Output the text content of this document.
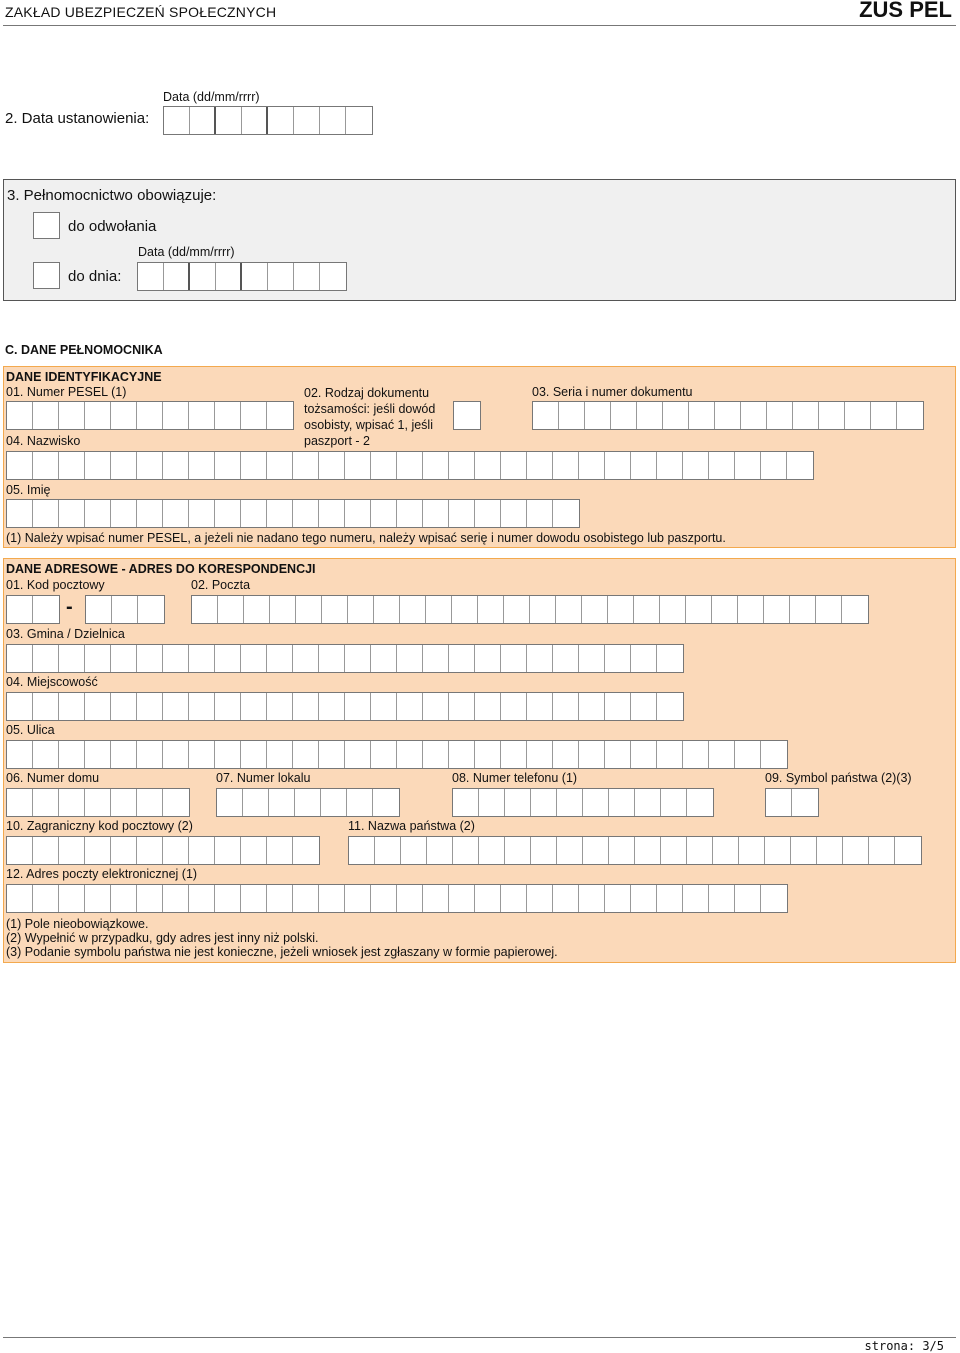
ZAKŁAD UBEZPIECZEŃ SPOŁECZNYCH	ZUS PEL
Data (dd/mm/rrrr)
2. Data ustanowienia:
3. Pełnomocnictwo obowiązuje:
do odwołania
Data (dd/mm/rrrr)
do dnia:
C. DANE PEŁNOMOCNIKA
DANE IDENTYFIKACYJNE
01. Numer PESEL (1)	02. Rodzaj dokumentu tożsamości: jeśli dowód osobisty, wpisać 1, jeśli paszport - 2
03. Seria i numer dokumentu
04. Nazwisko
05. Imię
(1) Należy wpisać numer PESEL, a jeżeli nie nadano tego numeru, należy wpisać serię i numer dowodu osobistego lub paszportu.
DANE ADRESOWE - ADRES DO KORESPONDENCJI
01. Kod pocztowy	02. Poczta
-
03. Gmina / Dzielnica
04. Miejscowość
05. Ulica
06. Numer domu	07. Numer lokalu	08. Numer telefonu (1)	09. Symbol państwa (2)(3)
10. Zagraniczny kod pocztowy (2)	11. Nazwa państwa (2)
12. Adres poczty elektronicznej (1)
(1) Pole nieobowiązkowe.
(2) Wypełnić w przypadku, gdy adres jest inny niż polski.
(3) Podanie symbolu państwa nie jest konieczne, jeżeli wniosek jest zgłaszany w formie papierowej.
strona: 3/5
